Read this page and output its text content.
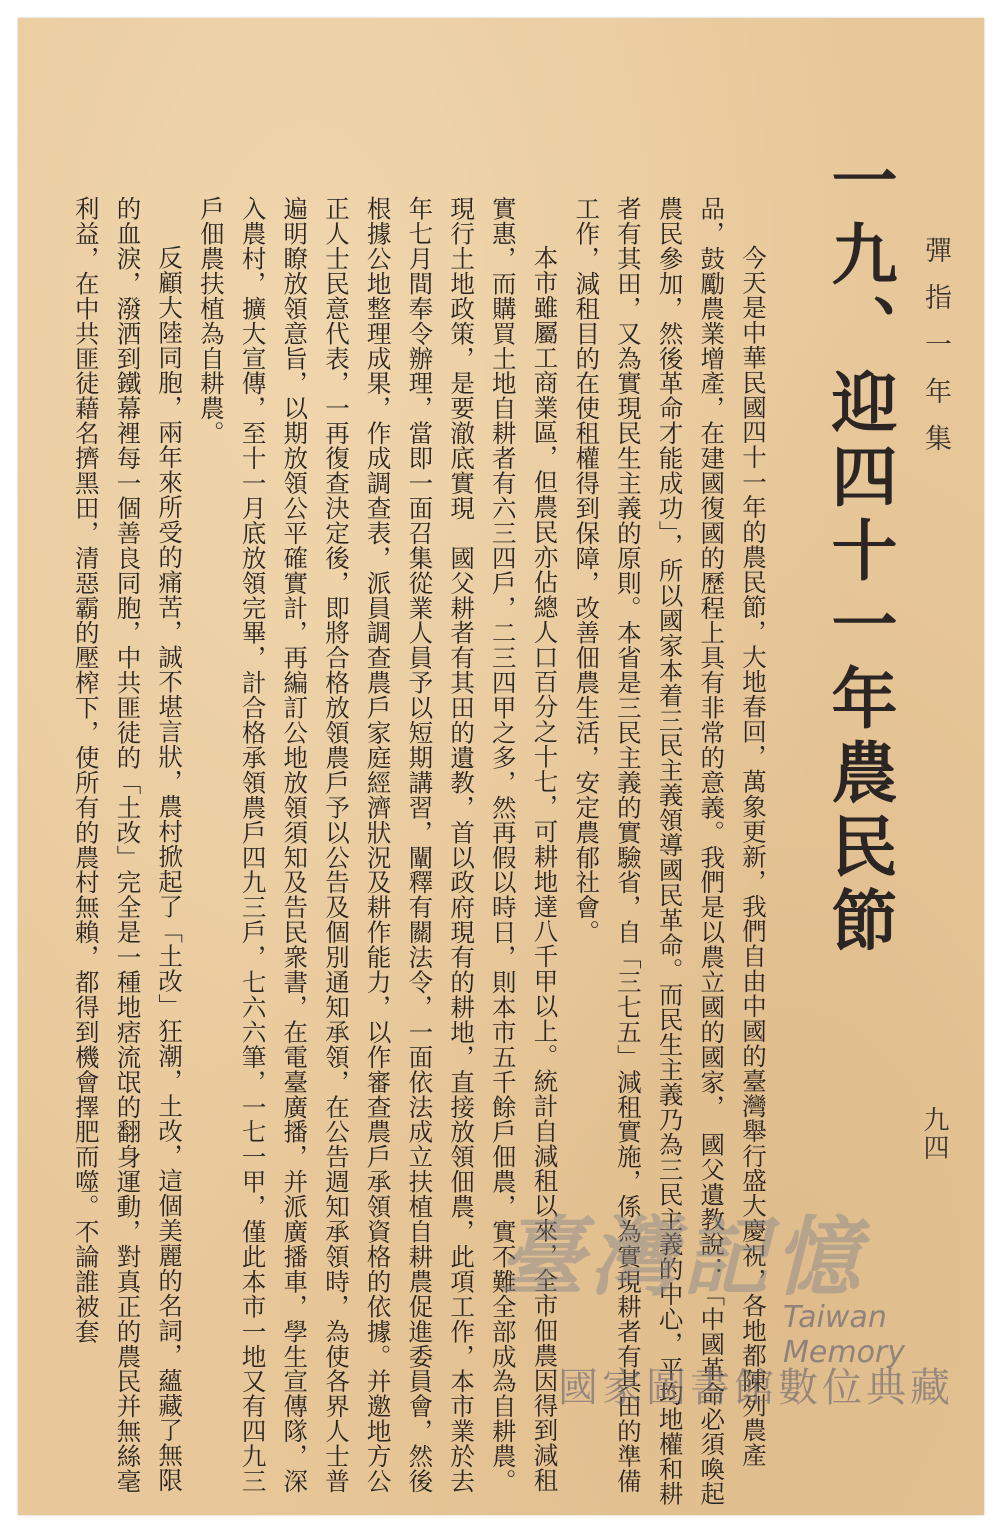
彈指一年集
一九、迎四十一年農民節
九四

今天是中華民國四十一年的農民節，大地春回，萬象更新，我們自由中國的臺灣舉行盛大慶祝，各地都陳列農產品，鼓勵農業增產，在建國復國的歷程上具有非常的意義。我們是以農立國的國家，　國父遺教說：「中國革命必須喚起農民參加，然後革命才能成功」，所以國家本着三民主義領導國民革命。而民生主義乃為三民主義的中心，平均地權和耕者有其田，又為實現民生主義的原則。本省是三民主義的實驗省，自「三七五」減租實施，係為實現耕者有其田的準備工作，減租目的在使租權得到保障，改善佃農生活，安定農郁社會。

本市雖屬工商業區，但農民亦佔總人口百分之十七，可耕地達八千甲以上。統計自減租以來，全市佃農因得到減租實惠，而購買土地自耕者有六三四戶，二三四甲之多，然再假以時日，則本市五千餘戶佃農，實不難全部成為自耕農。現行土地政策，是要澈底實現　國父耕者有其田的遺教，首以政府現有的耕地，直接放領佃農，此項工作，本市業於去年七月間奉令辦理，當即一面召集從業人員予以短期講習，闡釋有關法令，一面依法成立扶植自耕農促進委員會，然後根據公地整理成果，作成調查表，派員調查農戶家庭經濟狀況及耕作能力，以作審查農戶承領資格的依據。并邀地方公正人士民意代表，一再復查決定後，即將合格放領農戶予以公告及個別通知承領，在公告週知承領時，為使各界人士普遍明瞭放領意旨，以期放領公平確實計，再編訂公地放領須知及告民衆書，在電臺廣播，并派廣播車，學生宣傳隊，深入農村，擴大宣傳，至十一月底放領完畢，計合格承領農戶四九三戶，七六六筆，一七一甲，僅此本市一地又有四九三戶佃農扶植為自耕農。

反顧大陸同胞，兩年來所受的痛苦，誠不堪言狀，農村掀起了「土改」狂潮，土改，這個美麗的名詞，蘊藏了無限的血淚，潑洒到鐵幕裡每一個善良同胞，中共匪徒的「土改」完全是一種地痞流氓的翻身運動，對真正的農民并無絲毫利益，在中共匪徒藉名擠黑田，清惡霸的壓榨下，使所有的農村無賴，都得到機會擇肥而噬。不論誰被套	臺灣記憶
Taiwan Memory
國家圖書館數位典藏
